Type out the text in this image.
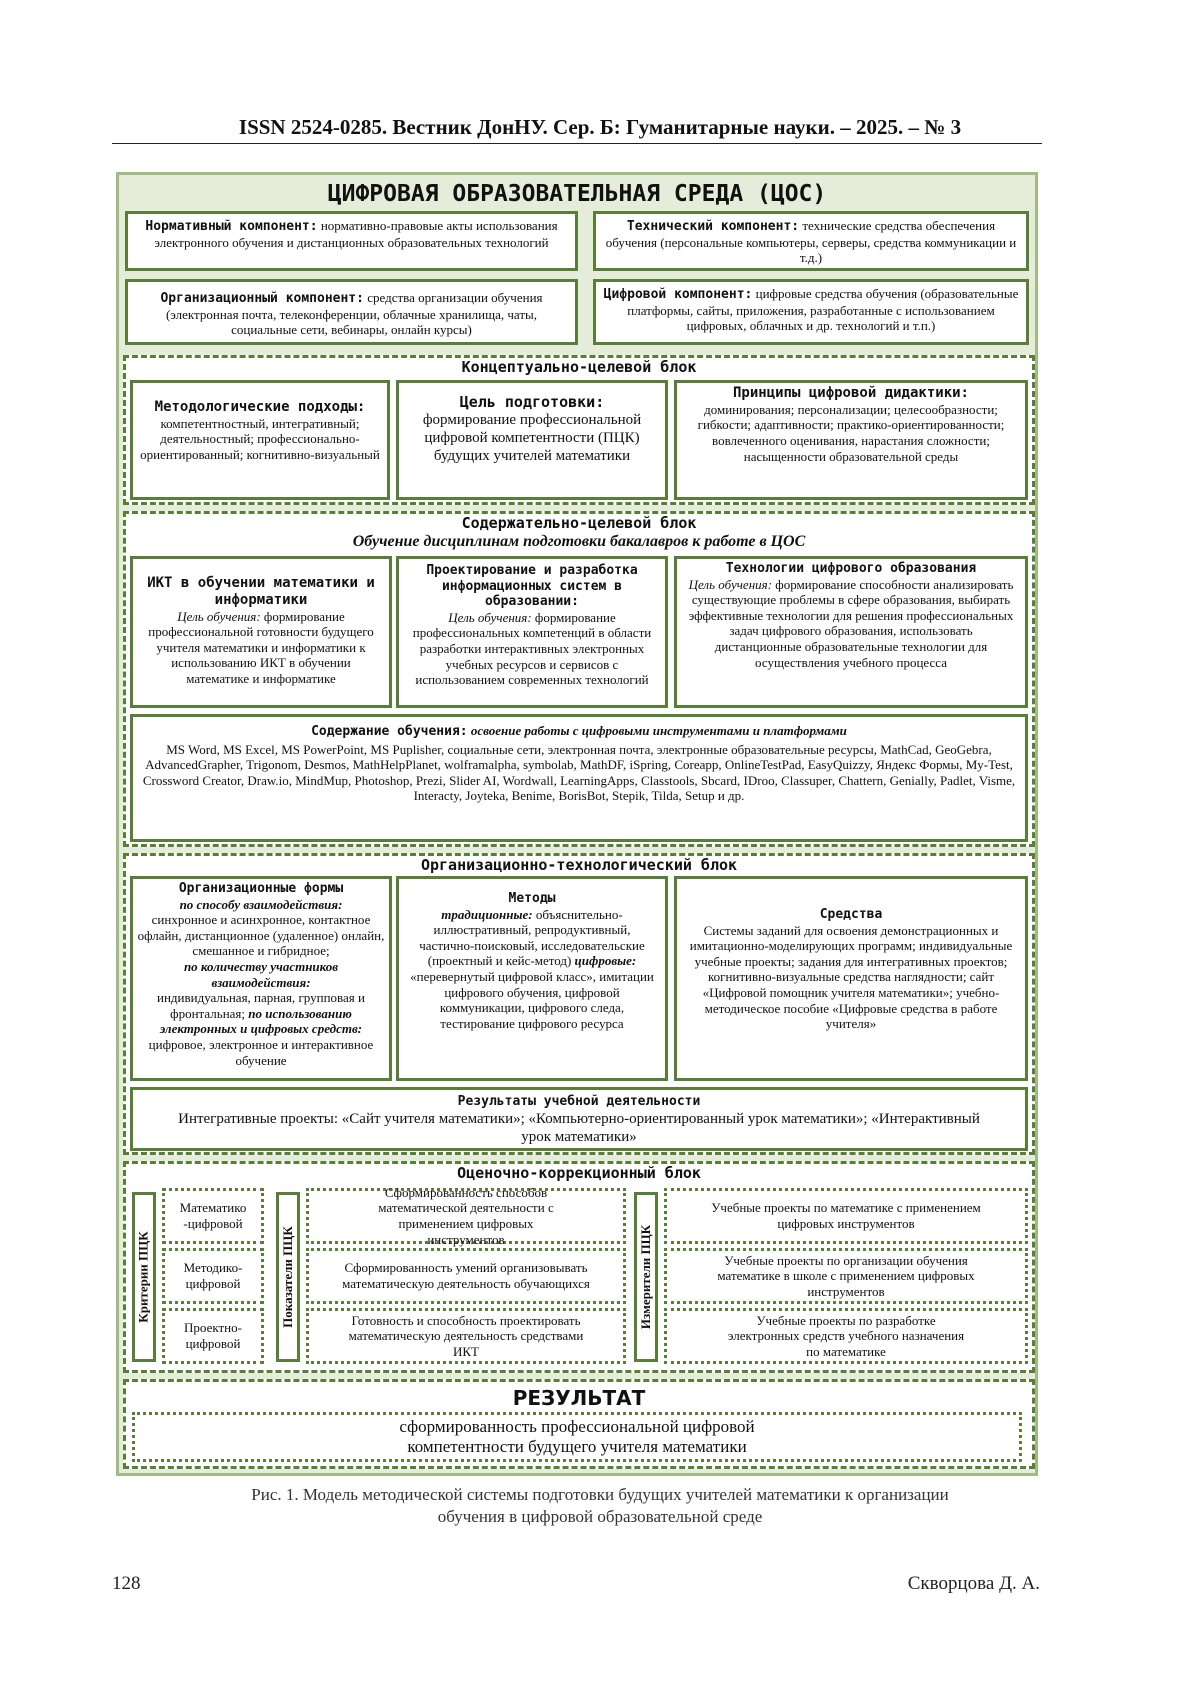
ISSN 2524-0285. Вестник ДонНУ. Сер. Б: Гуманитарные науки. – 2025. – № 3
ЦИФРОВАЯ ОБРАЗОВАТЕЛЬНАЯ СРЕДА (ЦОС)
Нормативный компонент: нормативно-правовые акты использования электронного обучения и дистанционных образовательных технологий
Технический компонент: технические средства обеспечения обучения (персональные компьютеры, серверы, средства коммуникации и т.д.)
Организационный компонент: средства организации обучения (электронная почта, телеконференции, облачные хранилища, чаты, социальные сети, вебинары, онлайн курсы)
Цифровой компонент: цифровые средства обучения (образовательные платформы, сайты, приложения, разработанные с использованием цифровых, облачных и др. технологий и т.п.)
Концептуально-целевой блок
Методологические подходы:
компетентностный, интегративный; деятельностный; профессионально-ориентированный; когнитивно-визуальный
Цель подготовки:
формирование профессиональной цифровой компетентности (ПЦК) будущих учителей математики
Принципы цифровой дидактики:
доминирования; персонализации; целесообразности; гибкости; адаптивности; практико-ориентированности; вовлеченного оценивания, нарастания сложности; насыщенности образовательной среды
Содержательно-целевой блок
Обучение дисциплинам подготовки бакалавров к работе в ЦОС
ИКТ в обучении математики и информатики
Цель обучения: формирование профессиональной готовности будущего учителя математики и информатики к использованию ИКТ в обучении математике и информатике
Проектирование и разработка информационных систем в образовании:
Цель обучения: формирование профессиональных компетенций в области разработки интерактивных электронных учебных ресурсов и сервисов с использованием современных технологий
Технологии цифрового образования
Цель обучения: формирование способности анализировать существующие проблемы в сфере образования, выбирать эффективные технологии для решения профессиональных задач цифрового образования, использовать дистанционные образовательные технологии для осуществления учебного процесса
Содержание обучения: освоение работы с цифровыми инструментами и платформами
MS Word, MS Excel, MS PowerPoint, MS Puplisher, социальные сети, электронная почта, электронные образовательные ресурсы, MathCad, GeoGebra, AdvancedGrapher, Trigonom, Desmos, MathHelpPlanet, wolframalpha, symbolab, MathDF, iSpring, Coreapp, OnlineTestPad, EasyQuizzy, Яндекс Формы, My-Test, Crossword Creator, Draw.io, MindMup, Photoshop, Prezi, Slider AI, Wordwall, LearningApps, Classtools, Sbcard, IDroo, Classuper, Chattern, Genially, Padlet, Visme, Interacty, Joyteka, Benime, BorisBot, Stepik, Tilda, Setup и др.
Организационно-технологический блок
Организационные формы
по способу взаимодействия:
синхронное и асинхронное, контактное офлайн, дистанционное (удаленное) онлайн, смешанное и гибридное;
по количеству участников взаимодействия:
индивидуальная, парная, групповая и фронтальная; по использованию электронных и цифровых средств: цифровое, электронное и интерактивное обучение
Методы
традиционные: объяснительно-иллюстративный, репродуктивный, частично-поисковый, исследовательские (проектный и кейс-метод) цифровые: «перевернутый цифровой класс», имитации цифрового обучения, цифровой коммуникации, цифрового следа, тестирование цифрового ресурса
Средства
Системы заданий для освоения демонстрационных и имитационно-моделирующих программ; индивидуальные учебные проекты; задания для интегративных проектов; когнитивно-визуальные средства наглядности; сайт «Цифровой помощник учителя математики»; учебно-методическое пособие «Цифровые средства в работе учителя»
Результаты учебной деятельности
Интегративные проекты: «Сайт учителя математики»; «Компьютерно-ориентированный урок математики»; «Интерактивный урок математики»
Оценочно-коррекционный блок
Критерии ПЦК
Математико -цифровой
Методико-цифровой
Проектно-цифровой
Показатели ПЦК
Сформированность способов математической деятельности с применением цифровых инструментов
Сформированность умений организовывать математическую деятельность обучающихся
Готовность и способность проектировать математическую деятельность средствами ИКТ
Измерители ПЦК
Учебные проекты по математике с применением цифровых инструментов
Учебные проекты по организации обучения математике в школе с применением цифровых инструментов
Учебные проекты по разработке электронных средств учебного назначения по математике
РЕЗУЛЬТАТ
сформированность профессиональной цифровой компетентности будущего учителя математики
Рис. 1. Модель методической системы подготовки будущих учителей математики к организации
обучения в цифровой образовательной среде
128	Скворцова Д. А.
